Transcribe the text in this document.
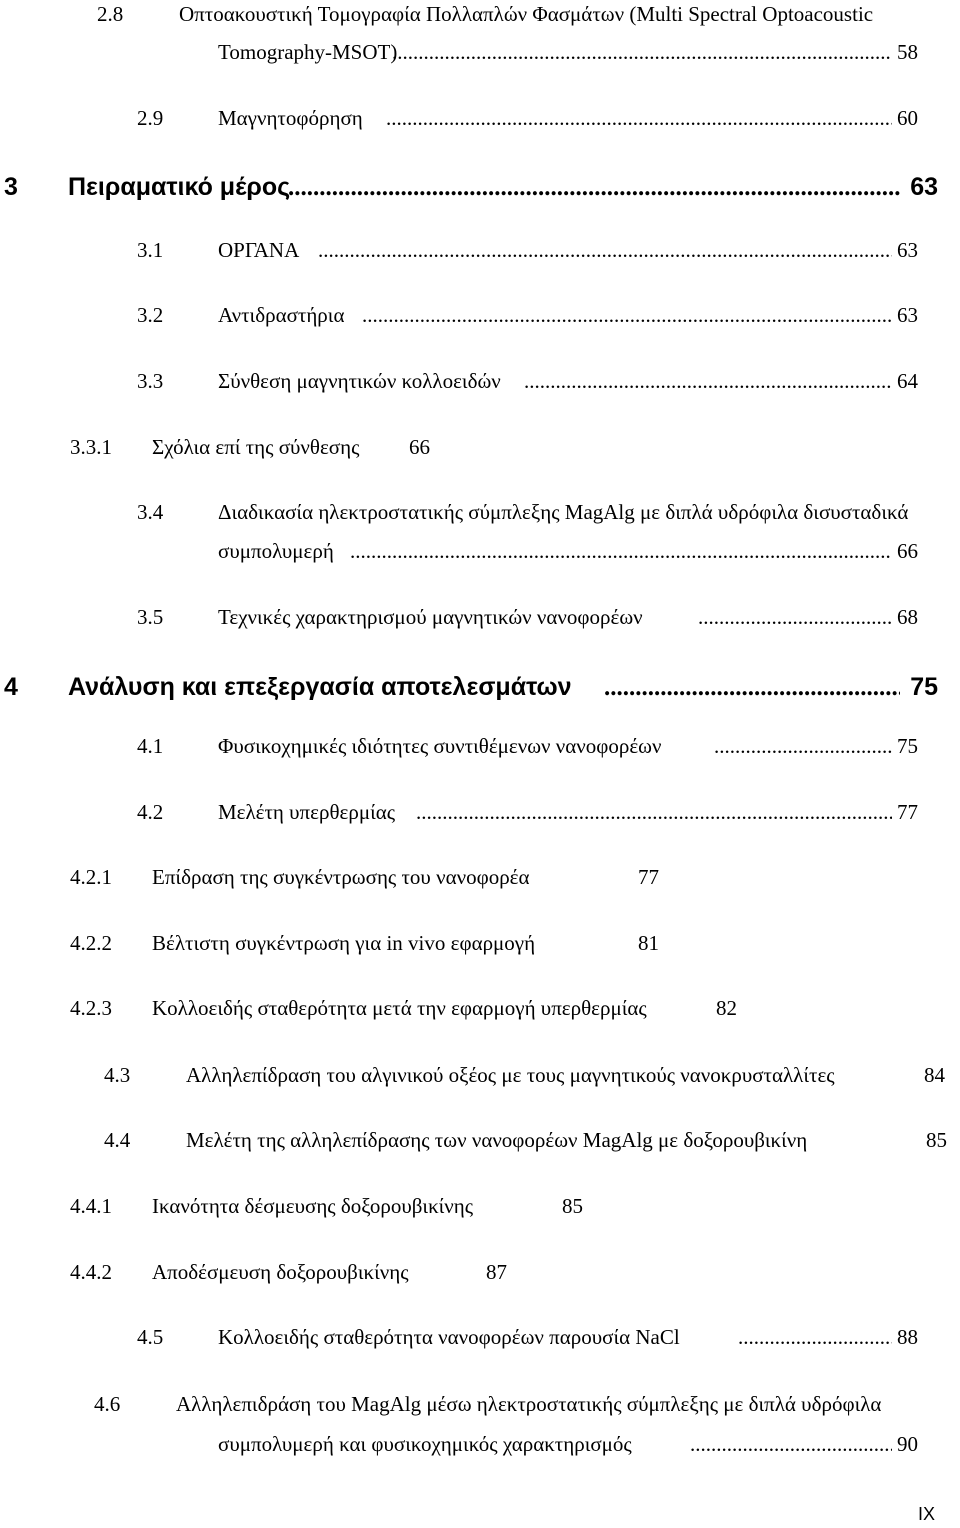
2.8	Οπτοακουστική Τομογραφία Πολλαπλών Φασμάτων (Multi Spectral Optoacoustic
Tomography-MSOT) .....	58
2.9	Μαγνητοφόρηση .....	60
3 Πειραματικό μέρος .....	63
3.1	ΟΡΓΑΝΑ .....	63
3.2	Αντιδραστήρια .....	63
3.3	Σύνθεση μαγνητικών κολλοειδών .....	64
3.3.1 Σχόλια επί της σύνθεσης 66
3.4	Διαδικασία ηλεκτροστατικής σύμπλεξης MagAlg με διπλά υδρόφιλα δισυσταδικά
συμπολυμερή .....	66
3.5	Τεχνικές χαρακτηρισμού μαγνητικών νανοφορέων .....	68
4 Ανάλυση και επεξεργασία αποτελεσμάτων .....	75
4.1	Φυσικοχημικές ιδιότητες συντιθέμενων νανοφορέων .....	75
4.2	Μελέτη υπερθερμίας .....	77
4.2.1 Επίδραση της συγκέντρωσης του νανοφορέα	77
4.2.2 Βέλτιστη συγκέντρωση για in vivo εφαρμογή	81
4.2.3 Κολλοειδής σταθερότητα μετά την εφαρμογή υπερθερμίας	82
4.3	Αλληλεπίδραση του αλγινικού οξέος με τους μαγνητικούς νανοκρυσταλλίτες	84
4.4	Μελέτη της αλληλεπίδρασης των νανοφορέων MagAlg με δοξορουβικίνη	85
4.4.1 Ικανότητα δέσμευσης δοξορουβικίνης	85
4.4.2 Αποδέσμευση δοξορουβικίνης	87
4.5	Κολλοειδής σταθερότητα νανοφορέων παρουσία NaCl .....	88
4.6	Αλληλεπιδράση του MagAlg μέσω ηλεκτροστατικής σύμπλεξης με διπλά υδρόφιλα
συμπολυμερή και φυσικοχημικός χαρακτηρισμός .....	90
IX
